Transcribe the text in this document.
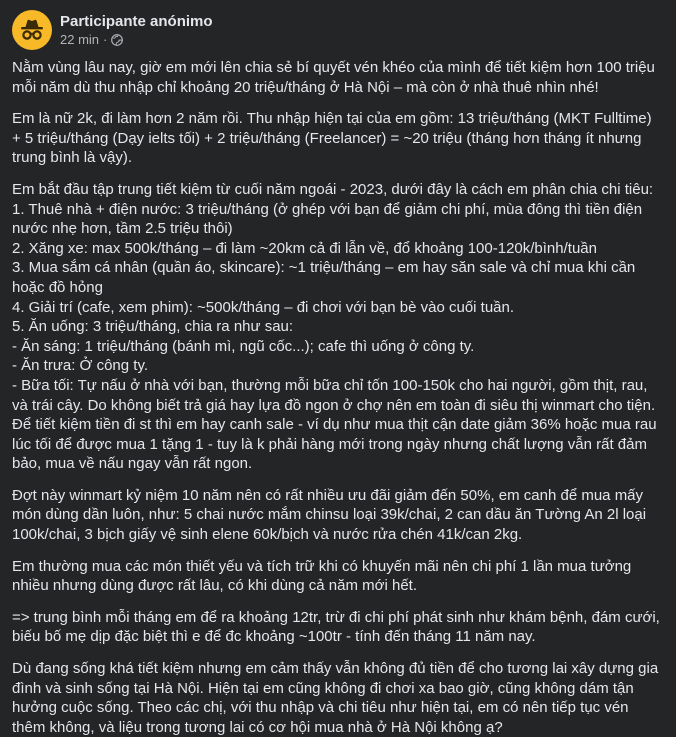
Participante anónimo
22 min ·
Nằm vùng lâu nay, giờ em mới lên chia sẻ bí quyết vén khéo của mình để tiết kiệm hơn 100 triệu mỗi năm dù thu nhập chỉ khoảng 20 triệu/tháng ở Hà Nội – mà còn ở nhà thuê nhìn nhé!
Em là nữ 2k, đi làm hơn 2 năm rồi. Thu nhập hiện tại của em gồm: 13 triệu/tháng (MKT Fulltime) + 5 triệu/tháng (Dạy ielts tối) + 2 triệu/tháng (Freelancer) = ~20 triệu (tháng hơn tháng ít nhưng trung bình là vậy).
Em bắt đầu tập trung tiết kiệm từ cuối năm ngoái - 2023, dưới đây là cách em phân chia chi tiêu:
1. Thuê nhà + điện nước: 3 triệu/tháng (ở ghép với bạn để giảm chi phí, mùa đông thì tiền điện nước nhẹ hơn, tầm 2.5 triệu thôi)
2. Xăng xe: max 500k/tháng – đi làm ~20km cả đi lẫn về, đổ khoảng 100-120k/bình/tuần
3. Mua sắm cá nhân (quần áo, skincare): ~1 triệu/tháng – em hay săn sale và chỉ mua khi cần hoặc đồ hỏng
4. Giải trí (cafe, xem phim): ~500k/tháng – đi chơi với bạn bè vào cuối tuần.
5. Ăn uống: 3 triệu/tháng, chia ra như sau:
- Ăn sáng: 1 triệu/tháng (bánh mì, ngũ cốc...); cafe thì uống ở công ty.
- Ăn trưa: Ở công ty.
- Bữa tối: Tự nấu ở nhà với bạn, thường mỗi bữa chỉ tốn 100-150k cho hai người, gồm thịt, rau, và trái cây. Do không biết trả giá hay lựa đồ ngon ở chợ nên em toàn đi siêu thị winmart cho tiện. Để tiết kiệm tiền đi st thì em hay canh sale - ví dụ như mua thịt cận date giảm 36% hoặc mua rau lúc tối để được mua 1 tặng 1 - tuy là k phải hàng mới trong ngày nhưng chất lượng vẫn rất đảm bảo, mua về nấu ngay vẫn rất ngon.
Đợt này winmart kỷ niệm 10 năm nên có rất nhiều ưu đãi giảm đến 50%, em canh để mua mấy món dùng dần luôn, như: 5 chai nước mắm chinsu loại 39k/chai, 2 can dầu ăn Tường An 2l loại 100k/chai, 3 bịch giấy vệ sinh elene 60k/bịch và nước rửa chén 41k/can 2kg.
Em thường mua các món thiết yếu và tích trữ khi có khuyến mãi nên chi phí 1 lần mua tưởng nhiều nhưng dùng được rất lâu, có khi dùng cả năm mới hết.
=> trung bình mỗi tháng em để ra khoảng 12tr, trừ đi chi phí phát sinh như khám bệnh, đám cưới, biếu bố mẹ dịp đặc biệt thì e để đc khoảng ~100tr - tính đến tháng 11 năm nay.
Dù đang sống khá tiết kiệm nhưng em cảm thấy vẫn không đủ tiền để cho tương lai xây dựng gia đình và sinh sống tại Hà Nội. Hiện tại em cũng không đi chơi xa bao giờ, cũng không dám tận hưởng cuộc sống. Theo các chị, với thu nhập và chi tiêu như hiện tại, em có nên tiếp tục vén thêm không, và liệu trong tương lai có cơ hội mua nhà ở Hà Nội không ạ?
